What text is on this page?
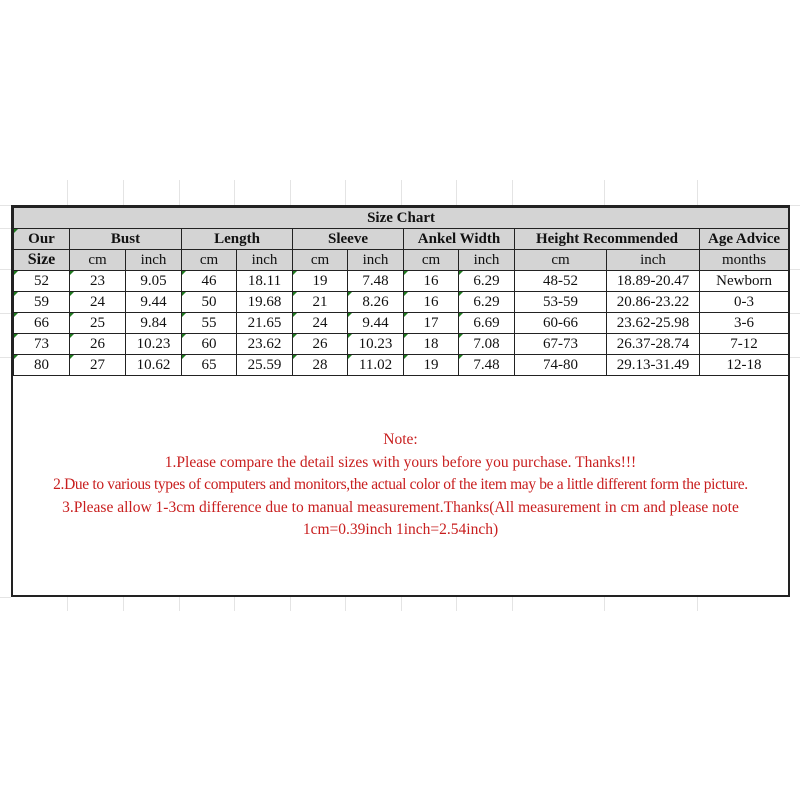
Size Chart											
Our	Bust		Length		Sleeve		Ankel Width		Height Recommended		Age Advice
Size	cm	inch	cm	inch	cm	inch	cm	inch	cm	inch	months
52	23	9.05	46	18.11	19	7.48	16	6.29	48-52	18.89-20.47	Newborn
59	24	9.44	50	19.68	21	8.26	16	6.29	53-59	20.86-23.22	0-3
66	25	9.84	55	21.65	24	9.44	17	6.69	60-66	23.62-25.98	3-6
73	26	10.23	60	23.62	26	10.23	18	7.08	67-73	26.37-28.74	7-12
80	27	10.62	65	25.59	28	11.02	19	7.48	74-80	29.13-31.49	12-18
Note:
1.Please compare the detail sizes with yours before you purchase. Thanks!!!
2.Due to various types of computers and monitors,the actual color of the item may be a little different form the picture.
3.Please allow 1-3cm difference due to manual measurement.Thanks(All measurement in cm and please note
1cm=0.39inch 1inch=2.54inch)
